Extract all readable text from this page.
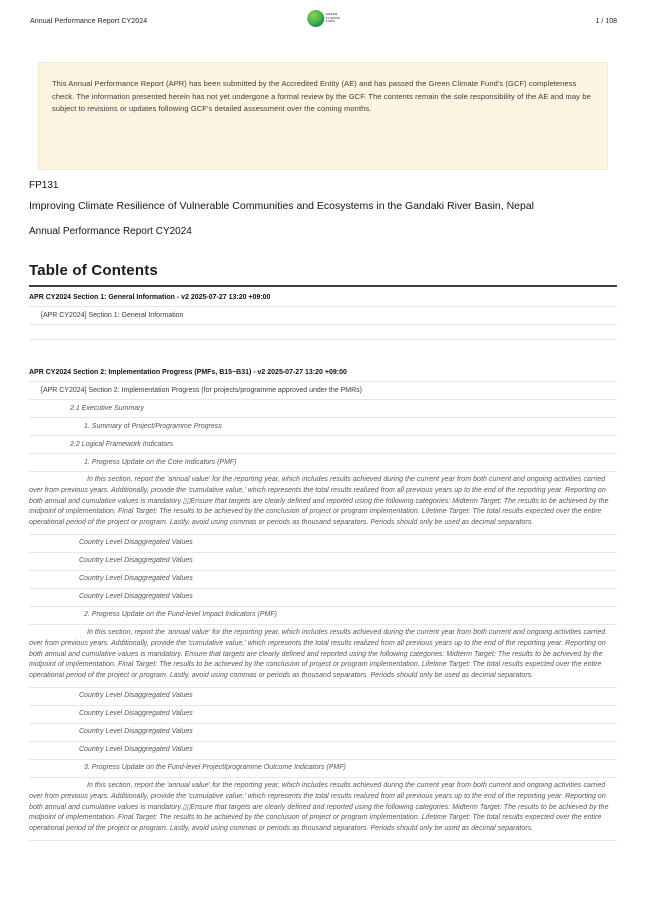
Annual Performance Report CY2024
GREEN
CLIMATE
FUND	1 / 108

This Annual Performance Report (APR) has been submitted by the Accredited Entity (AE) and has passed the Green Climate Fund's (GCF) completeness check. The information presented herein has not yet undergone a formal review by the GCF. The contents remain the sole responsibility of the AE and may be subject to revisions or updates following GCF's detailed assessment over the coming months.

FP131

Improving Climate Resilience of Vulnerable Communities and Ecosystems in the Gandaki River Basin, Nepal

Annual Performance Report CY2024

Table of Contents
APR CY2024 Section 1: General Information - v2 2025-07-27 13:20 +09:00
[APR CY2024] Section 1: General Information
APR CY2024 Section 2: Implementation Progress (PMFs, B15~B31) - v2 2025-07-27 13:20 +09:00
[APR CY2024] Section 2: Implementation Progress (for projects/programme approved under the PMRs)
2.1 Executive Summary
1. Summary of Project/Programme Progress
2.2 Logical Framework Indicators
1. Progress Update on the Core Indicators (PMF)
In this section, report the 'annual value' for the reporting year, which includes results achieved during the current year from both current and ongoing activities carried over from previous years. Additionally, provide the 'cumulative value,' which represents the total results realized from all previous years up to the end of the reporting year. Reporting on both annual and cumulative values is mandatory.▯▯Ensure that targets are clearly defined and reported using the following categories: Midterm Target: The results to be achieved by the midpoint of implementation. Final Target: The results to be achieved by the conclusion of project or program implementation. Lifetime Target: The total results expected over the entire operational period of the project or program. Lastly, avoid using commas or periods as thousand separators. Periods should only be used as decimal separators.
Country Level Disaggregated Values
Country Level Disaggregated Values
Country Level Disaggregated Values
Country Level Disaggregated Values
2. Progress Update on the Fund-level Impact Indicators (PMF)
In this section, report the 'annual value' for the reporting year, which includes results achieved during the current year from both current and ongoing activities carried over from previous years. Additionally, provide the 'cumulative value,' which represents the total results realized from all previous years up to the end of the reporting year. Reporting on both annual and cumulative values is mandatory. Ensure that targets are clearly defined and reported using the following categories: Midterm Target: The results to be achieved by the midpoint of implementation. Final Target: The results to be achieved by the conclusion of project or program implementation. Lifetime Target: The total results expected over the entire operational period of the project or program. Lastly, avoid using commas or periods as thousand separators. Periods should only be used as decimal separators.
Country Level Disaggregated Values
Country Level Disaggregated Values
Country Level Disaggregated Values
Country Level Disaggregated Values
3. Progress Update on the Fund-level Project/programme Outcome Indicators (PMF)
In this section, report the 'annual value' for the reporting year, which includes results achieved during the current year from both current and ongoing activities carried over from previous years. Additionally, provide the 'cumulative value,' which represents the total results realized from all previous years up to the end of the reporting year. Reporting on both annual and cumulative values is mandatory.▯▯Ensure that targets are clearly defined and reported using the following categories: Midterm Target: The results to be achieved by the midpoint of implementation. Final Target: The results to be achieved by the conclusion of project or program implementation. Lifetime Target: The total results expected over the entire operational period of the project or program. Lastly, avoid using commas or periods as thousand separators. Periods should only be used as decimal separators.
